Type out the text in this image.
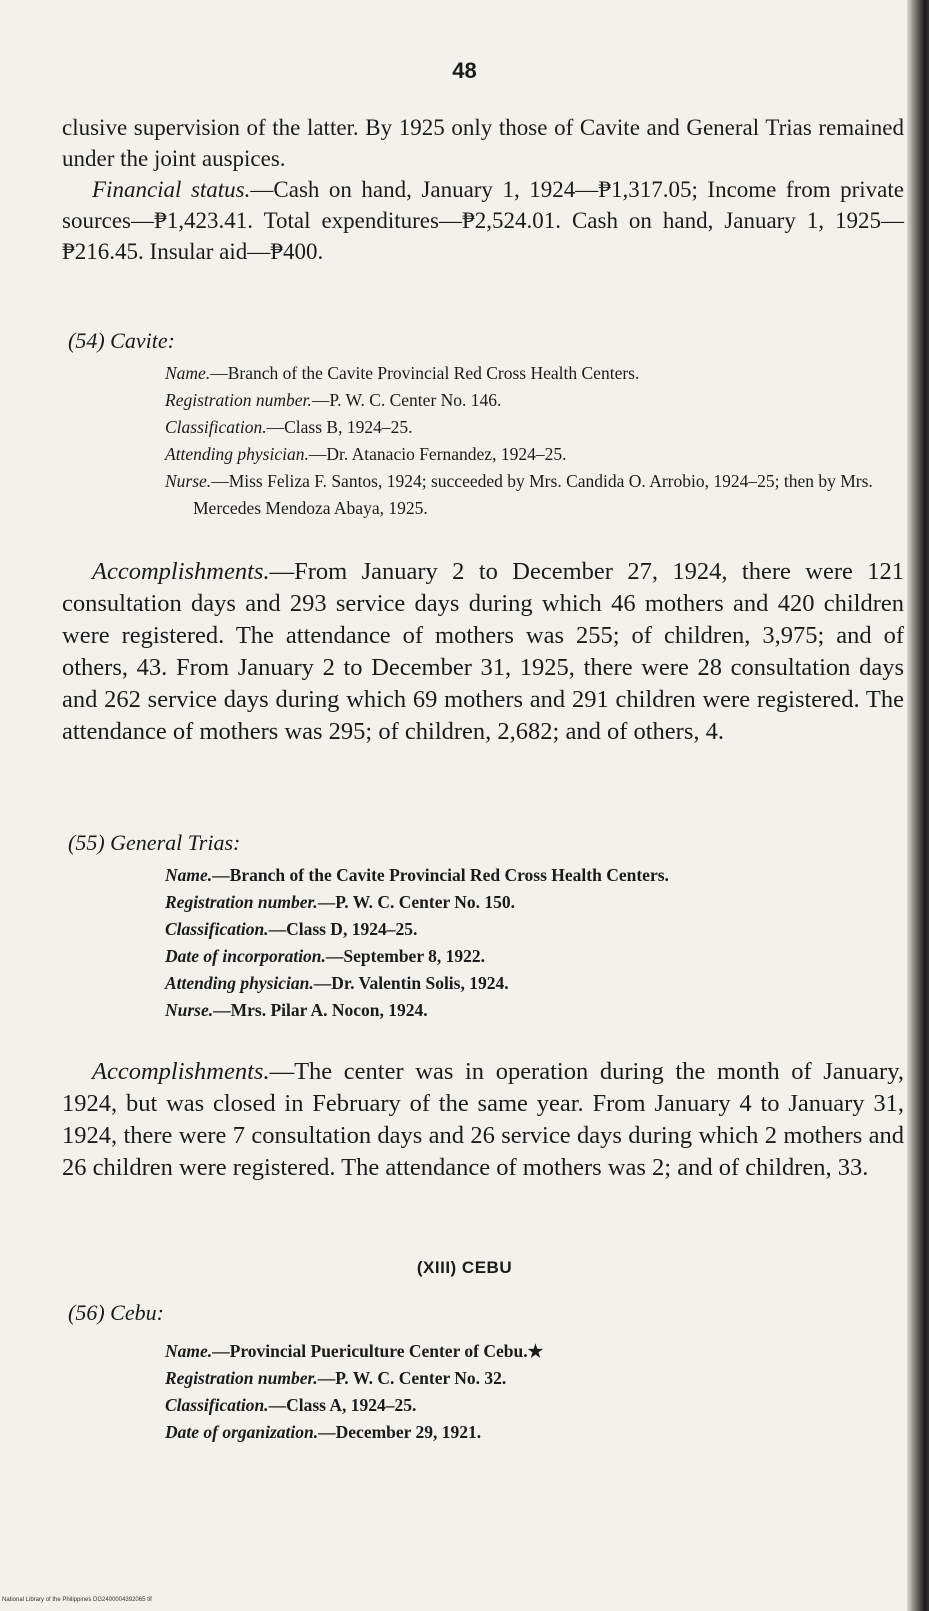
48
clusive supervision of the latter. By 1925 only those of Cavite and General Trias remained under the joint auspices.
Financial status.—Cash on hand, January 1, 1924—₱1,317.05; Income from private sources—₱1,423.41. Total expenditures—₱2,524.01. Cash on hand, January 1, 1925—₱216.45. Insular aid—₱400.
(54) Cavite:
Name.—Branch of the Cavite Provincial Red Cross Health Centers.
Registration number.—P. W. C. Center No. 146.
Classification.—Class B, 1924–25.
Attending physician.—Dr. Atanacio Fernandez, 1924–25.
Nurse.—Miss Feliza F. Santos, 1924; succeeded by Mrs. Candida O. Arrobio, 1924–25; then by Mrs. Mercedes Mendoza Abaya, 1925.
Accomplishments.—From January 2 to December 27, 1924, there were 121 consultation days and 293 service days during which 46 mothers and 420 children were registered. The attendance of mothers was 255; of children, 3,975; and of others, 43. From January 2 to December 31, 1925, there were 28 consultation days and 262 service days during which 69 mothers and 291 children were registered. The attendance of mothers was 295; of children, 2,682; and of others, 4.
(55) General Trias:
Name.—Branch of the Cavite Provincial Red Cross Health Centers.
Registration number.—P. W. C. Center No. 150.
Classification.—Class D, 1924–25.
Date of incorporation.—September 8, 1922.
Attending physician.—Dr. Valentin Solis, 1924.
Nurse.—Mrs. Pilar A. Nocon, 1924.
Accomplishments.—The center was in operation during the month of January, 1924, but was closed in February of the same year. From January 4 to January 31, 1924, there were 7 consultation days and 26 service days during which 2 mothers and 26 children were registered. The attendance of mothers was 2; and of children, 33.
(XIII) CEBU
(56) Cebu:
Name.—Provincial Puericulture Center of Cebu.★
Registration number.—P. W. C. Center No. 32.
Classification.—Class A, 1924–25.
Date of organization.—December 29, 1921.
National Library of the Philippines DG2400004392065 tif
